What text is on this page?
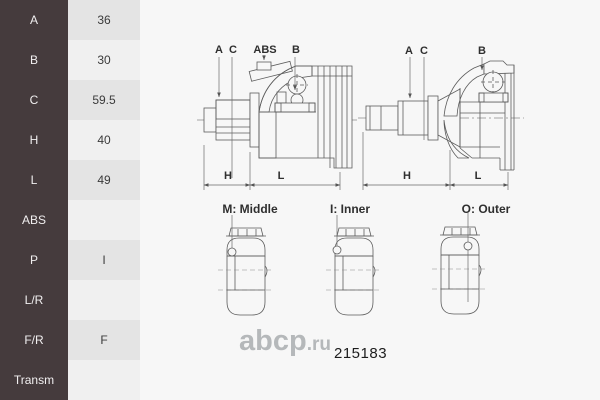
A	36
B	30
C	59.5
H	40
L	49
ABS
P	I
L/R
F/R	F
Transm
A C ABS B
H	L
A C	B
H	L
M: Middle	I: Inner	O: Outer
abcp .ru 215183
